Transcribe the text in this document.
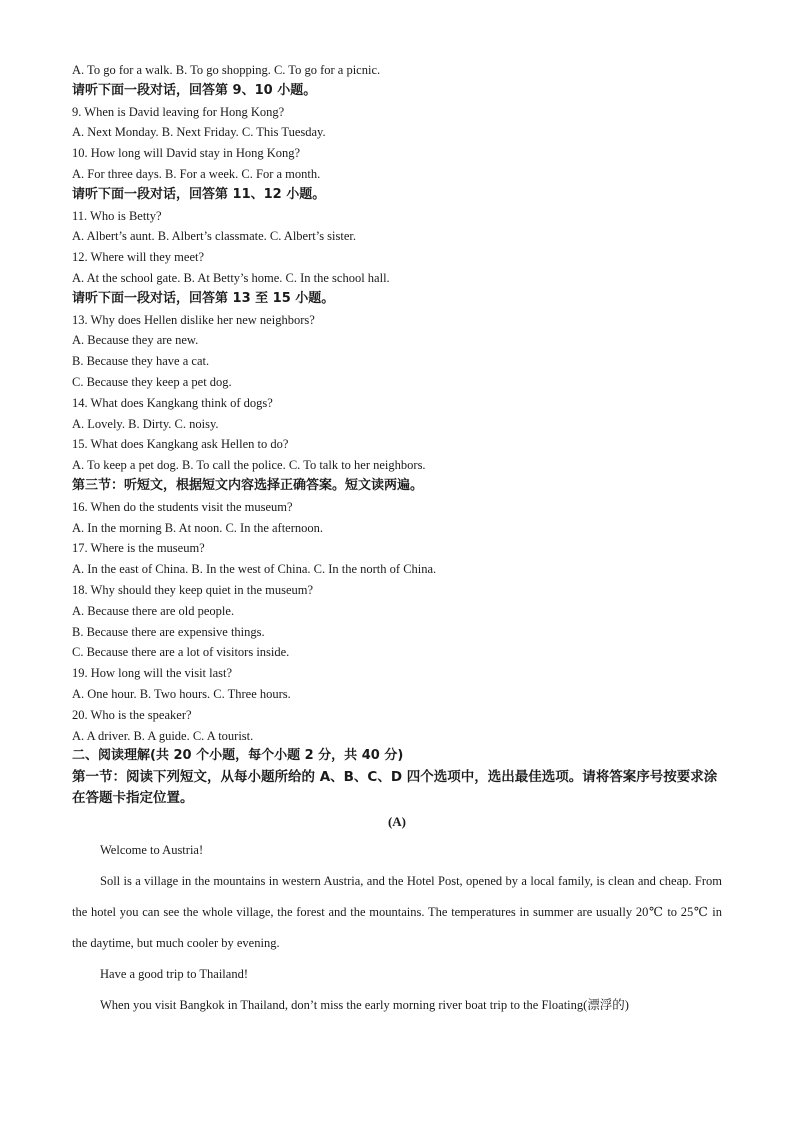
A. To go for a walk. B. To go shopping. C. To go for a picnic.
请听下面一段对话，回答第 9、10 小题。
9. When is David leaving for Hong Kong?
A. Next Monday. B. Next Friday. C. This Tuesday.
10. How long will David stay in Hong Kong?
A. For three days. B. For a week. C. For a month.
请听下面一段对话，回答第 11、12 小题。
11. Who is Betty?
A. Albert’s aunt. B. Albert’s classmate. C. Albert’s sister.
12. Where will they meet?
A. At the school gate. B. At Betty’s home. C. In the school hall.
请听下面一段对话，回答第 13 至 15 小题。
13. Why does Hellen dislike her new neighbors?
A. Because they are new.
B. Because they have a cat.
C. Because they keep a pet dog.
14. What does Kangkang think of dogs?
A. Lovely. B. Dirty. C. noisy.
15. What does Kangkang ask Hellen to do?
A. To keep a pet dog. B. To call the police. C. To talk to her neighbors.
第三节：听短文，根据短文内容选择正确答案。短文读两遍。
16. When do the students visit the museum?
A. In the morning B. At noon. C. In the afternoon.
17. Where is the museum?
A. In the east of China. B. In the west of China. C. In the north of China.
18. Why should they keep quiet in the museum?
A. Because there are old people.
B. Because there are expensive things.
C. Because there are a lot of visitors inside.
19. How long will the visit last?
A. One hour. B. Two hours. C. Three hours.
20. Who is the speaker?
A. A driver. B. A guide. C. A tourist.
二、阅读理解(共 20 个小题，每个小题 2 分，共 40 分)
第一节：阅读下列短文，从每小题所给的 A、B、C、D 四个选项中，选出最佳选项。请将答案序号按要求涂在答题卡指定位置。
(A)
Welcome to Austria!
Soll is a village in the mountains in western Austria, and the Hotel Post, opened by a local family, is clean and cheap. From the hotel you can see the whole village, the forest and the mountains. The temperatures in summer are usually 20℃ to 25℃ in the daytime, but much cooler by evening.
Have a good trip to Thailand!
When you visit Bangkok in Thailand, don’t miss the early morning river boat trip to the Floating(漂浮的)
